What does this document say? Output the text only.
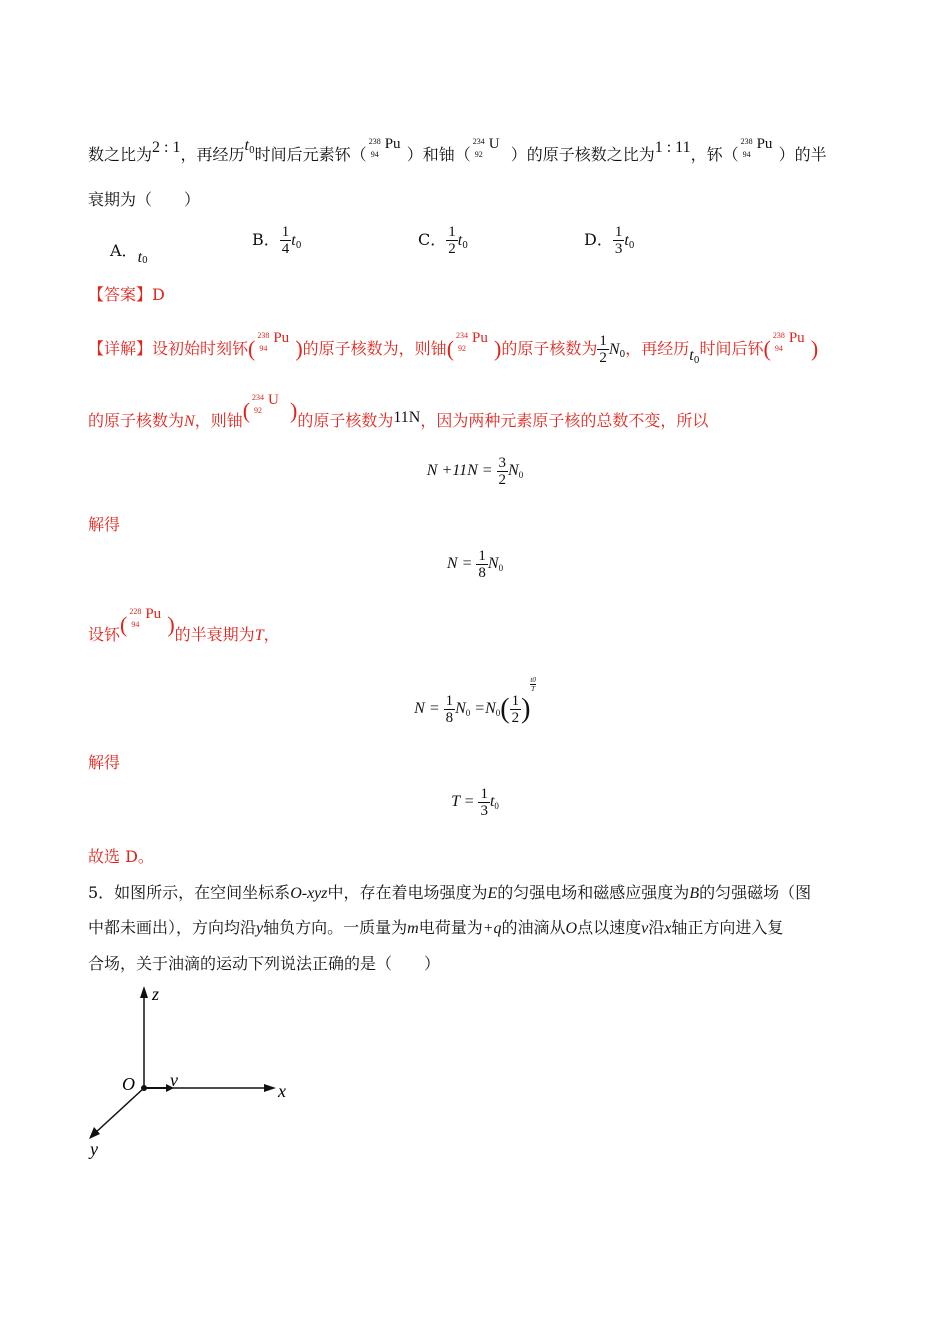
数之比为2 : 1，再经历$t_0$时间后元素钚（
238
94
Pu
）和铀（
234
92
U
）的原子核数之比为1 : 11，钚（
238
94
Pu
）的半
衰期为（　　）
A．$t_0$
B． $\frac{1}{4} t_0$	C． $\frac{1}{2} t_0$	D． $\frac{1}{3} t_0$
【答案】D
【详解】设初始时刻钚(
238
94
Pu )的原子核数为，则铀(
234
92
Pu )的原子核数为 $\frac{1}{2} N_0$，再经历$t_0$时间后钚(
238
94
Pu )
的原子核数为N，则铀(
234
92
U )的原子核数为11N，因为两种元素原子核的总数不变，所以
$N +11N = \frac{3}{2} N_0$
解得
$N = \frac{1}{8} N_0$
设钚(
228
94
Pu )的半衰期为T，
$N = \frac{1}{8} N_0 =N_0( \frac{1}{2}$ )
$\frac{t0}{T}$
解得
$T = \frac{1}{3} t_0$
故选 D。
5．如图所示，在空间坐标系O-xyz中，存在着电场强度为E的匀强电场和磁感应强度为B的匀强磁场（图
中都未画出），方向均沿y轴负方向。一质量为m电荷量为+q的油滴从O点以速度v沿x轴正方向进入复
合场，关于油滴的运动下列说法正确的是（　　）
z
O v
x
y
